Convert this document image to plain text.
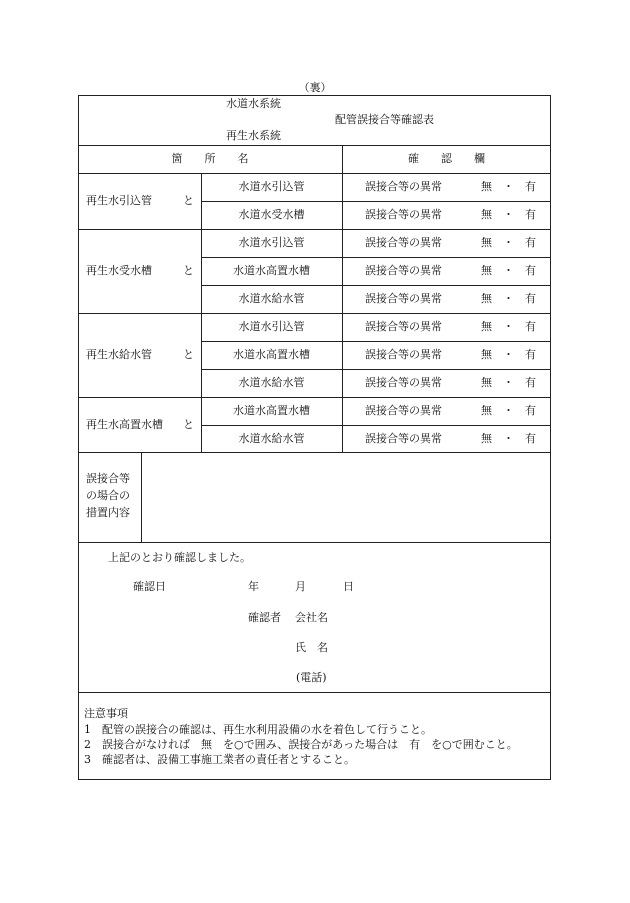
（裏）
水道水系統
配管誤接合等確認表
再生水系統
箇　　所　　名	確　　認　　欄
再生水引込管	と
水道水引込管	誤接合等の異常	無　・　有
水道水受水槽	誤接合等の異常	無　・　有
再生水受水槽	と
水道水引込管	誤接合等の異常	無　・　有
水道水高置水槽	誤接合等の異常	無　・　有
水道水給水管	誤接合等の異常	無　・　有
再生水給水管	と
水道水引込管	誤接合等の異常	無　・　有
水道水高置水槽	誤接合等の異常	無　・　有
水道水給水管	誤接合等の異常	無　・　有
再生水高置水槽 と
水道水高置水槽	誤接合等の異常	無　・　有
水道水給水管	誤接合等の異常	無　・　有
誤接合等
の場合の
措置内容
上記のとおり確認しました。
確認日	年	月	日
確認者 会社名
氏　名
(電話)
注意事項
1　配管の誤接合の確認は、再生水利用設備の水を着色して行うこと。
2　誤接合がなければ　無　を○で囲み、誤接合があった場合は　有　を○で囲むこと。
3　確認者は、設備工事施工業者の責任者とすること。
